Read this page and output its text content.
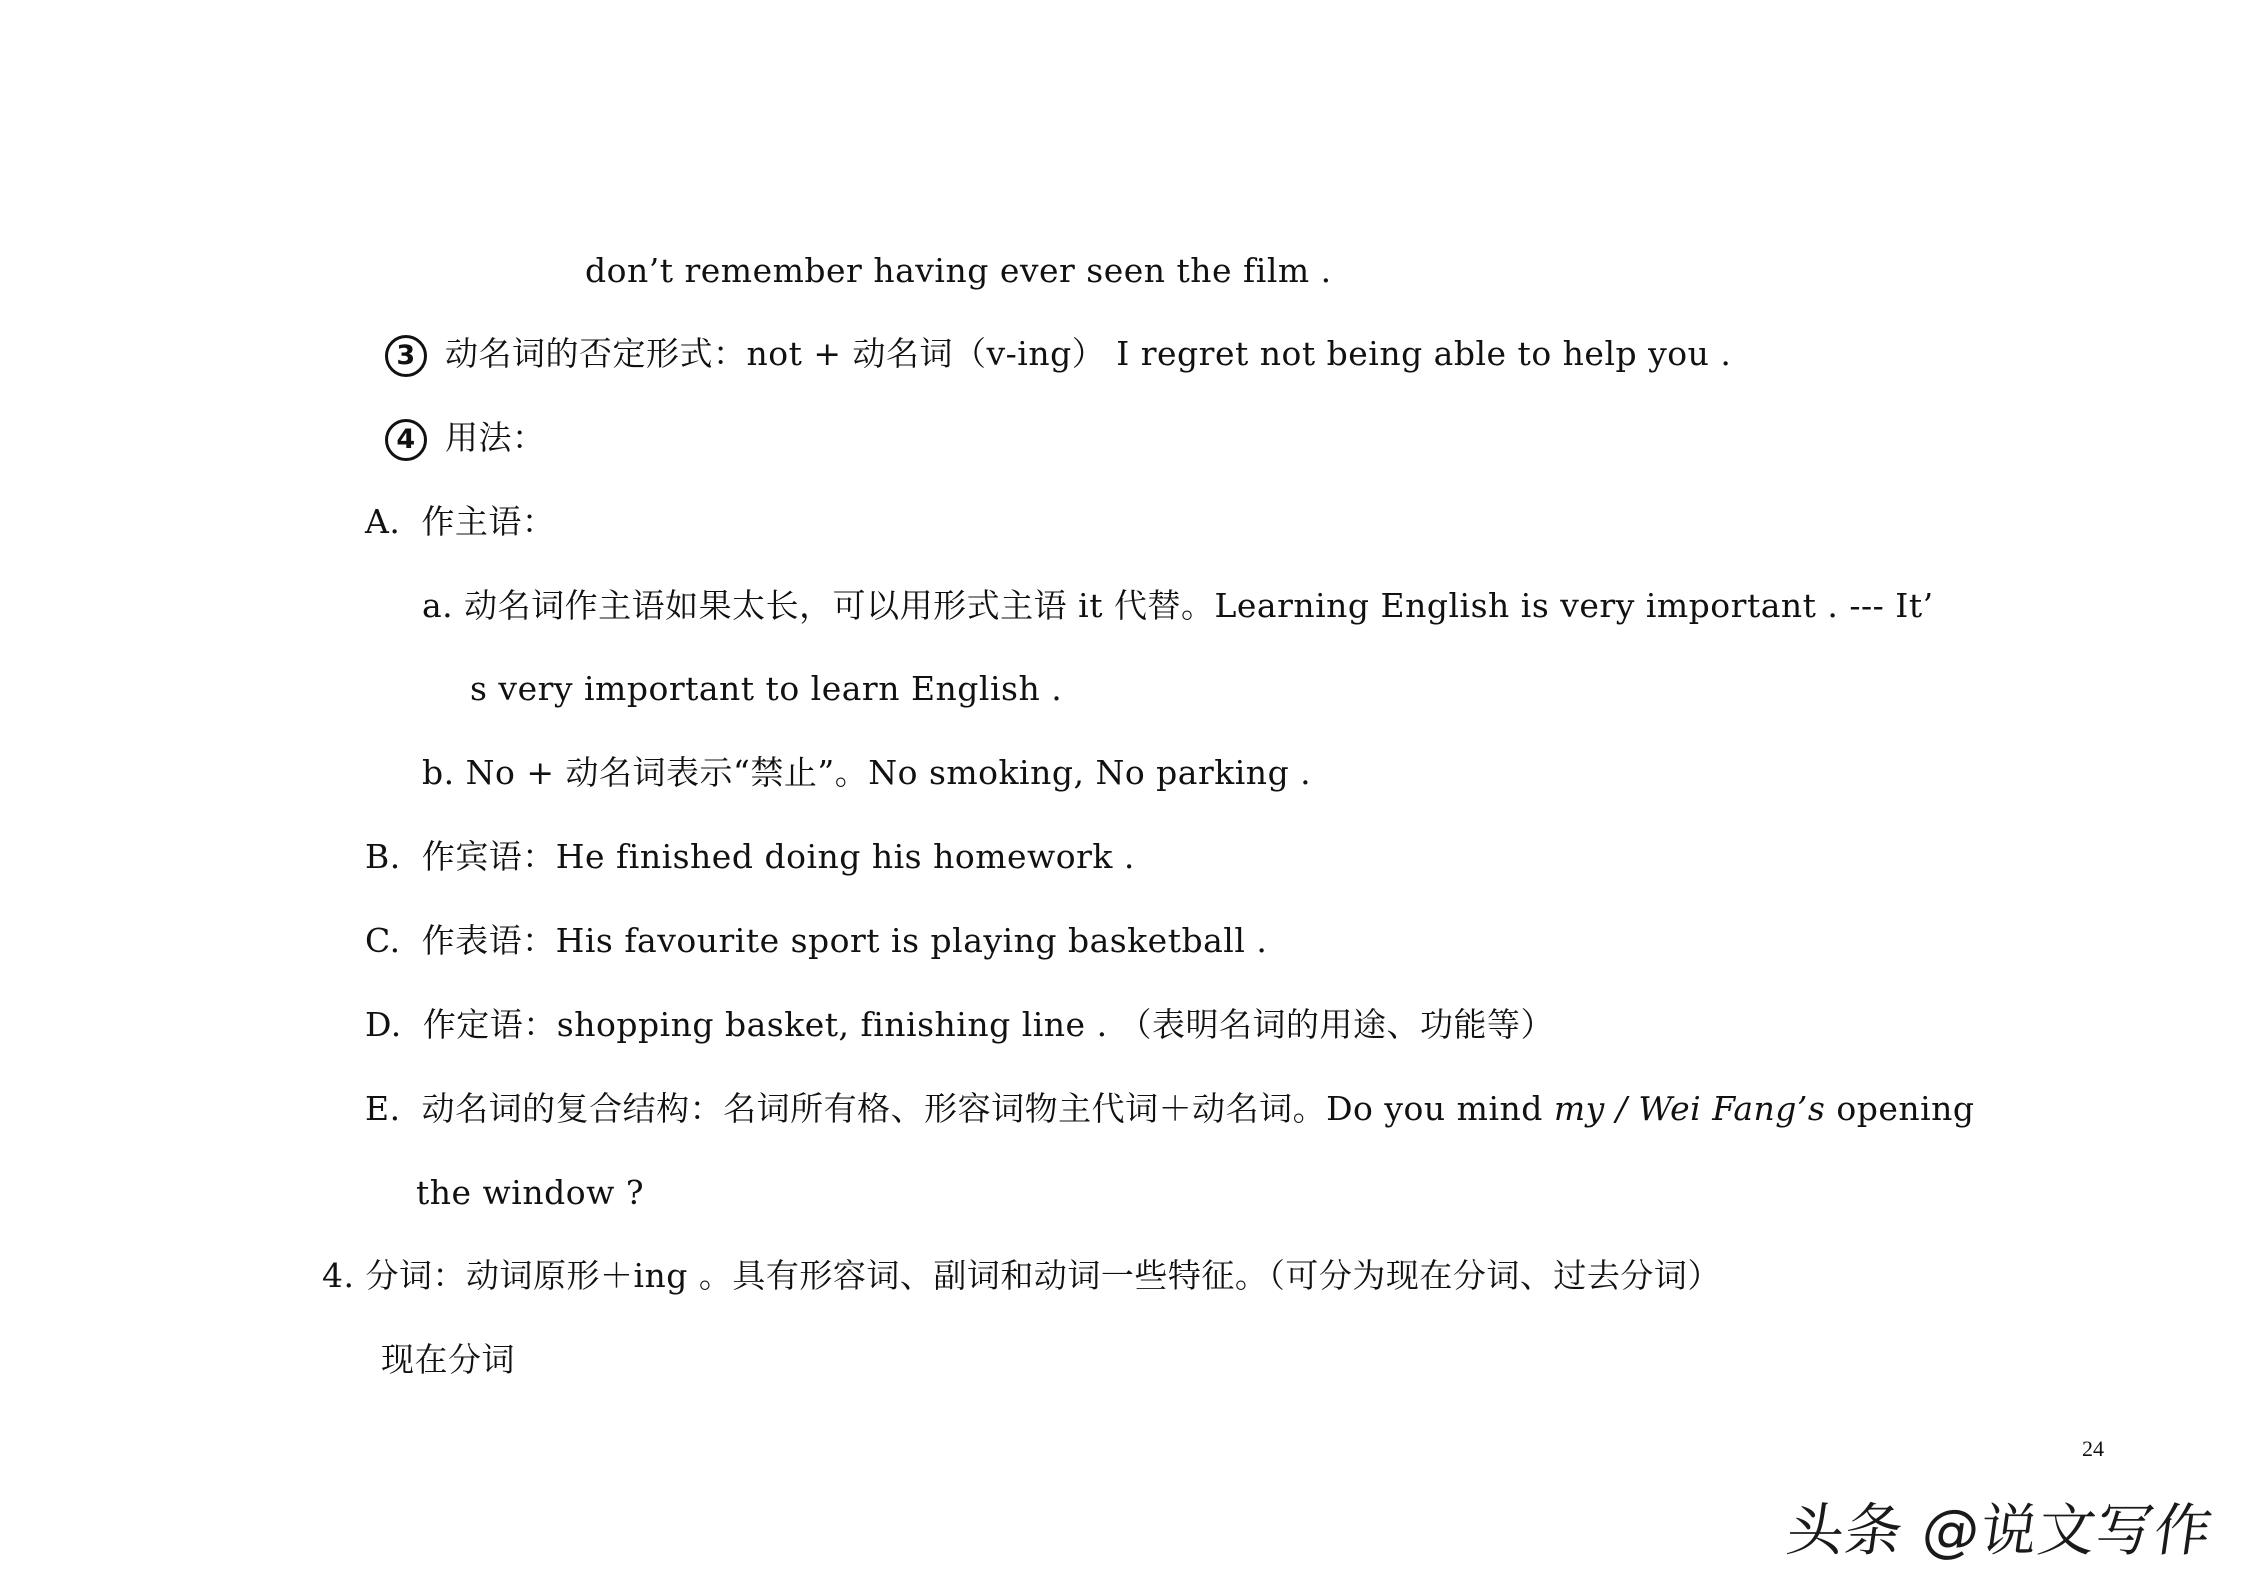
don’t remember having ever seen the film .
3 动名词的否定形式：not + 动名词（v-ing） I regret not being able to help you .
4 用法：
A. 作主语：
a. 动名词作主语如果太长，可以用形式主语 it 代替。Learning English is very important . --- It’
s very important to learn English .
b. No + 动名词表示“禁止”。No smoking, No parking .
B. 作宾语：He finished doing his homework .
C. 作表语：His favourite sport is playing basketball .
D. 作定语：shopping basket, finishing line . （表明名词的用途、功能等）
E. 动名词的复合结构：名词所有格、形容词物主代词＋动名词。Do you mind my / Wei Fang’s opening
the window ?
4. 分词：动词原形＋ing 。具有形容词、副词和动词一些特征。（可分为现在分词、过去分词）
现在分词
24
头条 @说文写作
